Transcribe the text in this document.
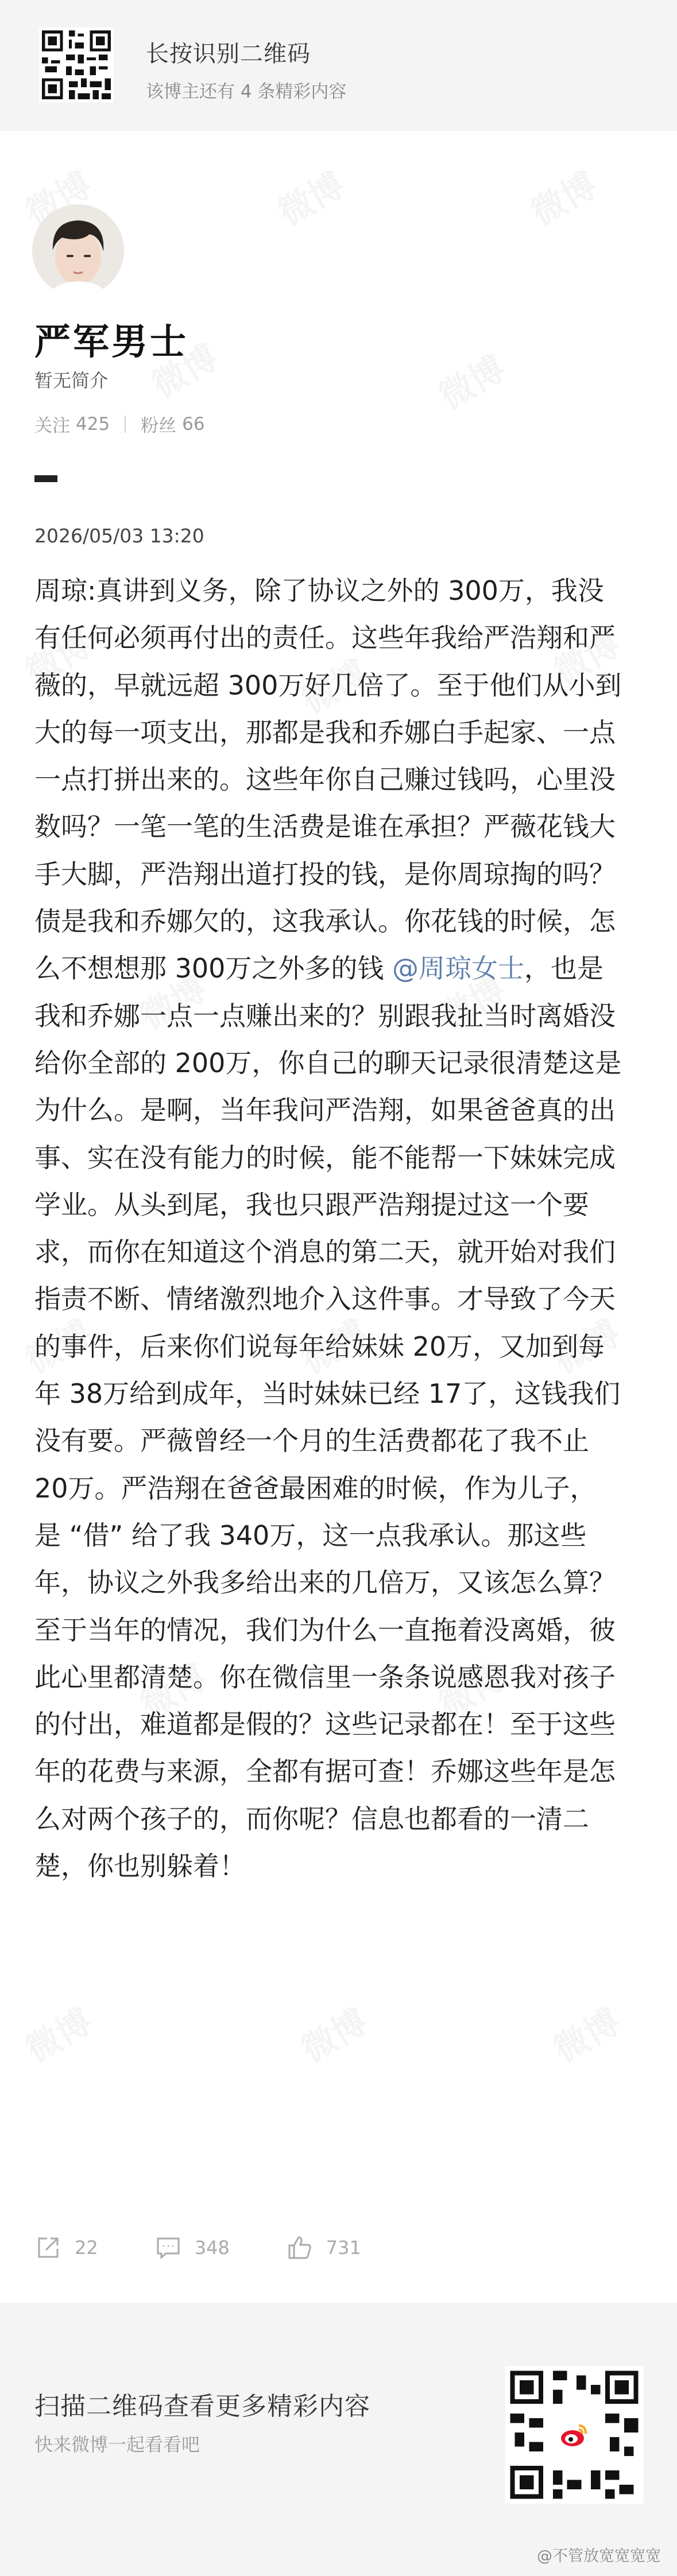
长按识别二维码
该博主还有 4 条精彩内容
严军男士
暂无简介
关注 425 粉丝 66
2026/05/03 13:20
周琼:真讲到义务，除了协议之外的 300万，我没
有任何必须再付出的责任。这些年我给严浩翔和严
薇的，早就远超 300万好几倍了。至于他们从小到
大的每一项支出，那都是我和乔娜白手起家、一点
一点打拼出来的。这些年你自己赚过钱吗，心里没
数吗？一笔一笔的生活费是谁在承担？严薇花钱大
手大脚，严浩翔出道打投的钱，是你周琼掏的吗？
债是我和乔娜欠的，这我承认。你花钱的时候，怎
么不想想那 300万之外多的钱 @周琼女士，也是
我和乔娜一点一点赚出来的？别跟我扯当时离婚没
给你全部的 200万，你自己的聊天记录很清楚这是
为什么。是啊，当年我问严浩翔，如果爸爸真的出
事、实在没有能力的时候，能不能帮一下妹妹完成
学业。从头到尾，我也只跟严浩翔提过这一个要
求，而你在知道这个消息的第二天，就开始对我们
指责不断、情绪激烈地介入这件事。才导致了今天
的事件，后来你们说每年给妹妹 20万，又加到每
年 38万给到成年，当时妹妹已经 17了，这钱我们
没有要。严薇曾经一个月的生活费都花了我不止
20万。严浩翔在爸爸最困难的时候，作为儿子，
是 “借” 给了我 340万，这一点我承认。那这些
年，协议之外我多给出来的几倍万，又该怎么算？
至于当年的情况，我们为什么一直拖着没离婚，彼
此心里都清楚。你在微信里一条条说感恩我对孩子
的付出，难道都是假的？这些记录都在！至于这些
年的花费与来源，全都有据可查！乔娜这些年是怎
么对两个孩子的，而你呢？信息也都看的一清二
楚，你也别躲着！
22	348	731
扫描二维码查看更多精彩内容
快来微博一起看看吧
@不管放宽宽宽宽
